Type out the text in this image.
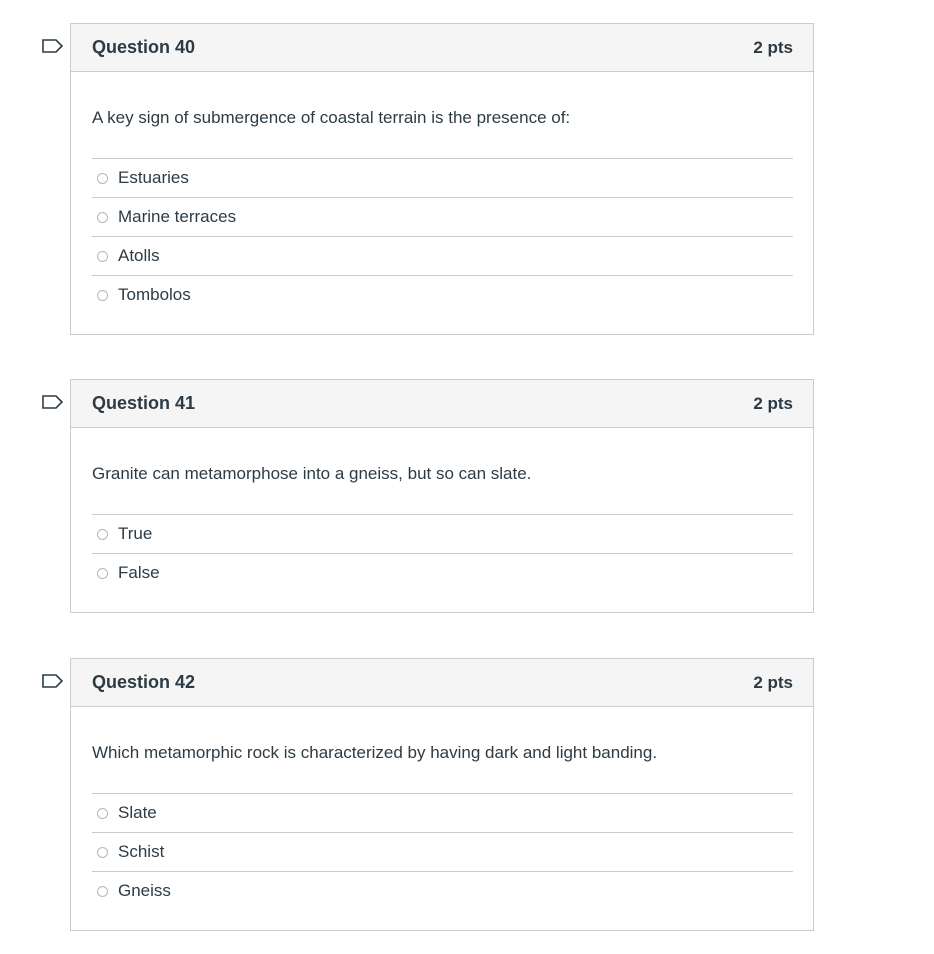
Question 40	2 pts
A key sign of submergence of coastal terrain is the presence of:
Estuaries
Marine terraces
Atolls
Tombolos
Question 41	2 pts
Granite can metamorphose into a gneiss, but so can slate.
True
False
Question 42	2 pts
Which metamorphic rock is characterized by having dark and light banding.
Slate
Schist
Gneiss
